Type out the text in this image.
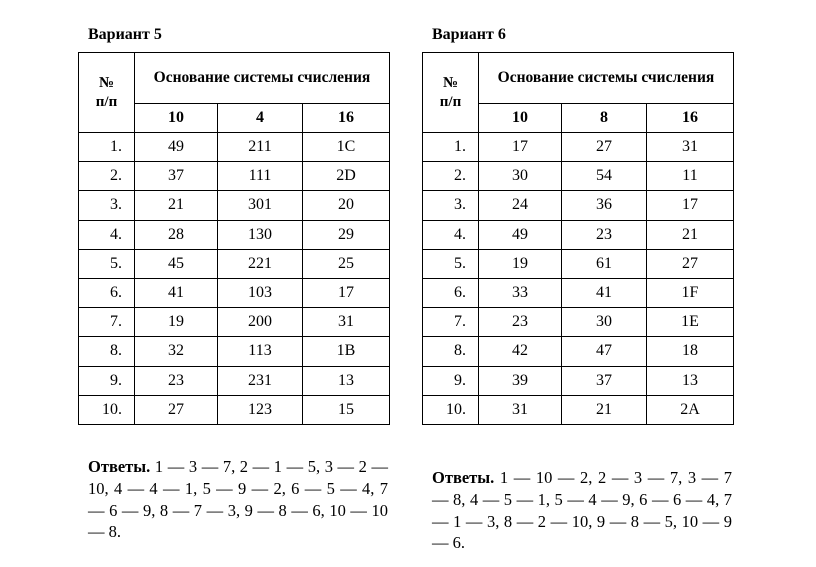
Вариант 5
№
п/п	Основание системы счисления		
	10	4	16
1.	49	211	1C
2.	37	111	2D
3.	21	301	20
4.	28	130	29
5.	45	221	25
6.	41	103	17
7.	19	200	31
8.	32	113	1B
9.	23	231	13
10.	27	123	15
Ответы. 1 — 3 — 7, 2 — 1 — 5, 3 — 2 — 10, 4 — 4 — 1, 5 — 9 — 2, 6 — 5 — 4, 7 — 6 — 9, 8 — 7 — 3, 9 — 8 — 6, 10 — 10 — 8.
Вариант 6
№
п/п	Основание системы счисления		
	10	8	16
1.	17	27	31
2.	30	54	11
3.	24	36	17
4.	49	23	21
5.	19	61	27
6.	33	41	1F
7.	23	30	1E
8.	42	47	18
9.	39	37	13
10.	31	21	2A
Ответы. 1 — 10 — 2, 2 — 3 — 7, 3 — 7 — 8, 4 — 5 — 1, 5 — 4 — 9, 6 — 6 — 4, 7 — 1 — 3, 8 — 2 — 10, 9 — 8 — 5, 10 — 9 — 6.
